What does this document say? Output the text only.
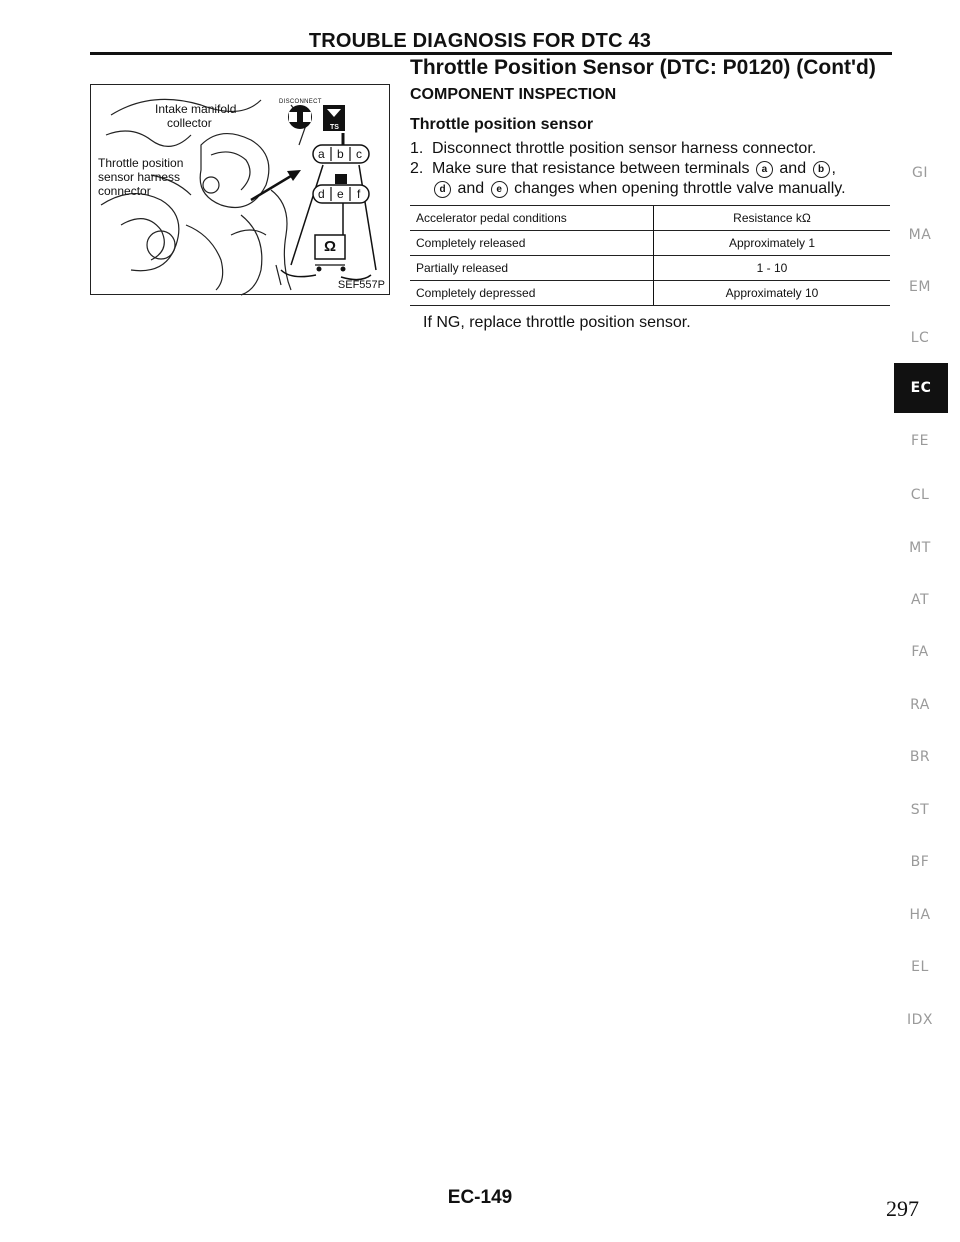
TROUBLE DIAGNOSIS FOR DTC 43
Intake manifold
collector
Throttle position
sensor harness
connector
DISCONNECT
TS
a b c
d e f
Ω
SEF557P
Throttle Position Sensor (DTC: P0120) (Cont'd)
COMPONENT INSPECTION
Throttle position sensor
1. Disconnect throttle position sensor harness connector.
2. Make sure that resistance between terminals a and b ,
d and e changes when opening throttle valve manually.
Accelerator pedal conditions	Resistance kΩ
Completely released	Approximately 1
Partially released	1 - 10
Completely depressed	Approximately 10
If NG, replace throttle position sensor.
GI
MA
EM
LC
EC
FE
CL
MT
AT
FA
RA
BR
ST
BF
HA
EL
IDX
EC-149	297
